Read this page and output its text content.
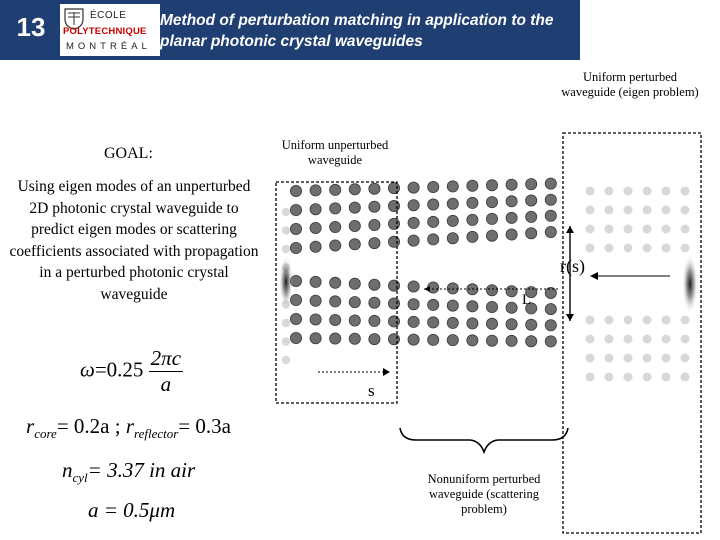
13	ÉCOLE
POLYTECHNIQUE
MONTRÉAL
Method of perturbation matching in application to the planar photonic crystal waveguides
GOAL:
Using eigen modes of an unperturbed 2D photonic crystal waveguide to predict eigen modes or scattering coefficients associated with propagation in a perturbed photonic crystal waveguide
$\omega=0.25 \frac{2\pi c}{a}$
$r_{core}= 0.2a$ ; $r_{reflector}= 0.3a$
$n_{cyl}= 3.37$ in air
a = 0.5μm
Uniform unperturbed waveguide
Uniform perturbed waveguide (eigen problem)
Nonuniform perturbed waveguide (scattering problem)
s
L
r(s)
